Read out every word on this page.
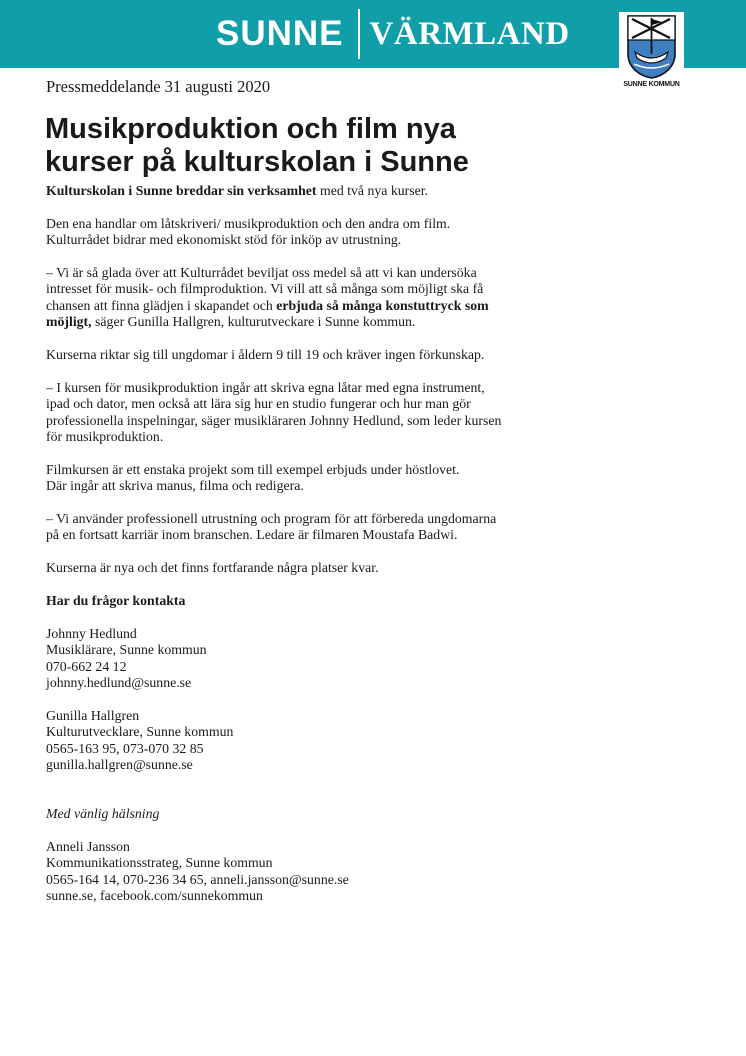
SUNNE VÄRMLAND
SUNNE KOMMUN
Pressmeddelande 31 augusti 2020
Musikproduktion och film nya
kurser på kulturskolan i Sunne

Kulturskolan i Sunne breddar sin verksamhet med två nya kurser.

Den ena handlar om låtskriveri/ musikproduktion och den andra om film.
Kulturrådet bidrar med ekonomiskt stöd för inköp av utrustning.

– Vi är så glada över att Kulturrådet beviljat oss medel så att vi kan undersöka
intresset för musik- och filmproduktion. Vi vill att så många som möjligt ska få
chansen att finna glädjen i skapandet och erbjuda så många konstuttryck som
möjligt, säger Gunilla Hallgren, kulturutveckare i Sunne kommun.

Kurserna riktar sig till ungdomar i åldern 9 till 19 och kräver ingen förkunskap.

– I kursen för musikproduktion ingår att skriva egna låtar med egna instrument,
ipad och dator, men också att lära sig hur en studio fungerar och hur man gör
professionella inspelningar, säger musikläraren Johnny Hedlund, som leder kursen
för musikproduktion.

Filmkursen är ett enstaka projekt som till exempel erbjuds under höstlovet.
Där ingår att skriva manus, filma och redigera.

– Vi använder professionell utrustning och program för att förbereda ungdomarna
på en fortsatt karriär inom branschen. Ledare är filmaren Moustafa Badwi.

Kurserna är nya och det finns fortfarande några platser kvar.

Har du frågor kontakta

Johnny Hedlund
Musiklärare, Sunne kommun
070-662 24 12
johnny.hedlund@sunne.se

Gunilla Hallgren
Kulturutvecklare, Sunne kommun
0565-163 95, 073-070 32 85
gunilla.hallgren@sunne.se

Med vänlig hälsning

Anneli Jansson
Kommunikationsstrateg, Sunne kommun
0565-164 14, 070-236 34 65, anneli.jansson@sunne.se
sunne.se, facebook.com/sunnekommun
